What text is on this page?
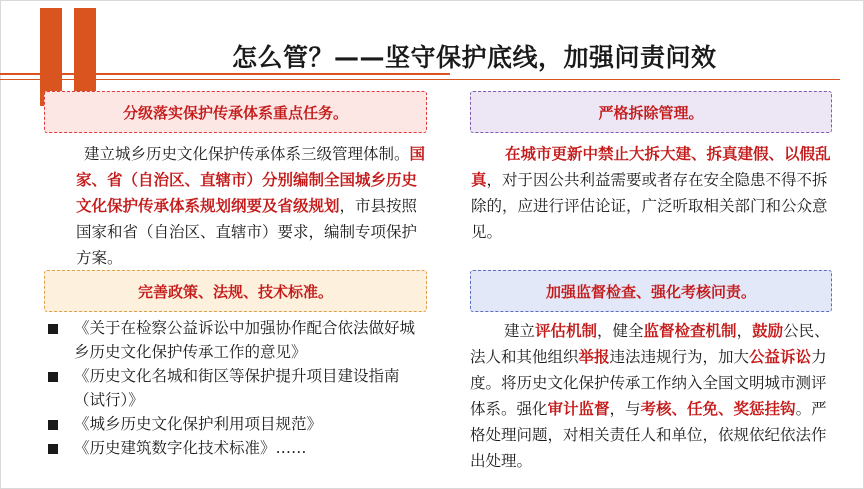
怎么管？——坚守保护底线，加强问责问效
分级落实保护传承体系重点任务。
建立城乡历史文化保护传承体系三级管理体制。国家、省（自治区、直辖市）分别编制全国城乡历史文化保护传承体系规划纲要及省级规划，市县按照国家和省（自治区、直辖市）要求，编制专项保护方案。
严格拆除管理。
在城市更新中禁止大拆大建、拆真建假、以假乱真，对于因公共利益需要或者存在安全隐患不得不拆除的，应进行评估论证，广泛听取相关部门和公众意见。
完善政策、法规、技术标准。
《关于在检察公益诉讼中加强协作配合依法做好城乡历史文化保护传承工作的意见》
《历史文化名城和街区等保护提升项目建设指南（试行）》
《城乡历史文化保护利用项目规范》
《历史建筑数字化技术标准》……
加强监督检查、强化考核问责。
建立评估机制，健全监督检查机制，鼓励公民、法人和其他组织举报违法违规行为，加大公益诉讼力度。将历史文化保护传承工作纳入全国文明城市测评体系。强化审计监督，与考核、任免、奖惩挂钩。严格处理问题，对相关责任人和单位，依规依纪依法作出处理。
